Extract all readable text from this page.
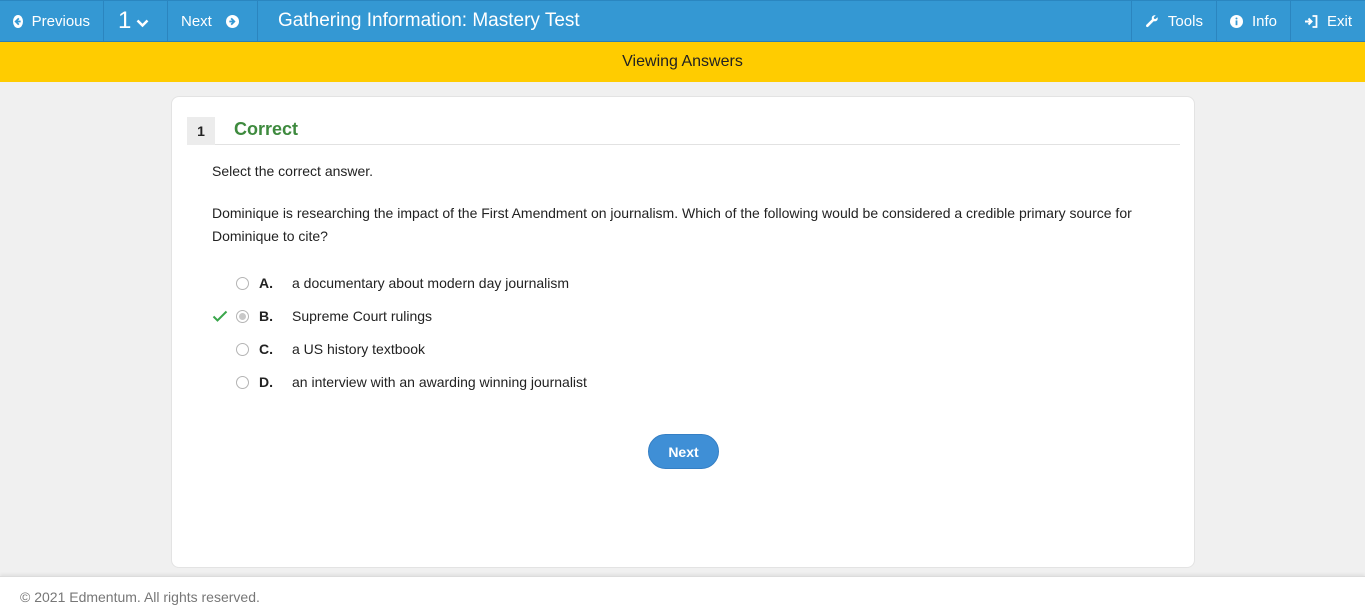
Previous 1	Next	Gathering Information: Mastery Test	Tools	Info	Exit
Viewing Answers
1	Correct
Select the correct answer.
Dominique is researching the impact of the First Amendment on journalism. Which of the following would be considered a credible primary source for Dominique to cite?
A.	a documentary about modern day journalism
B.	Supreme Court rulings
C.	a US history textbook
D.	an interview with an awarding winning journalist
Next
© 2021 Edmentum. All rights reserved.
